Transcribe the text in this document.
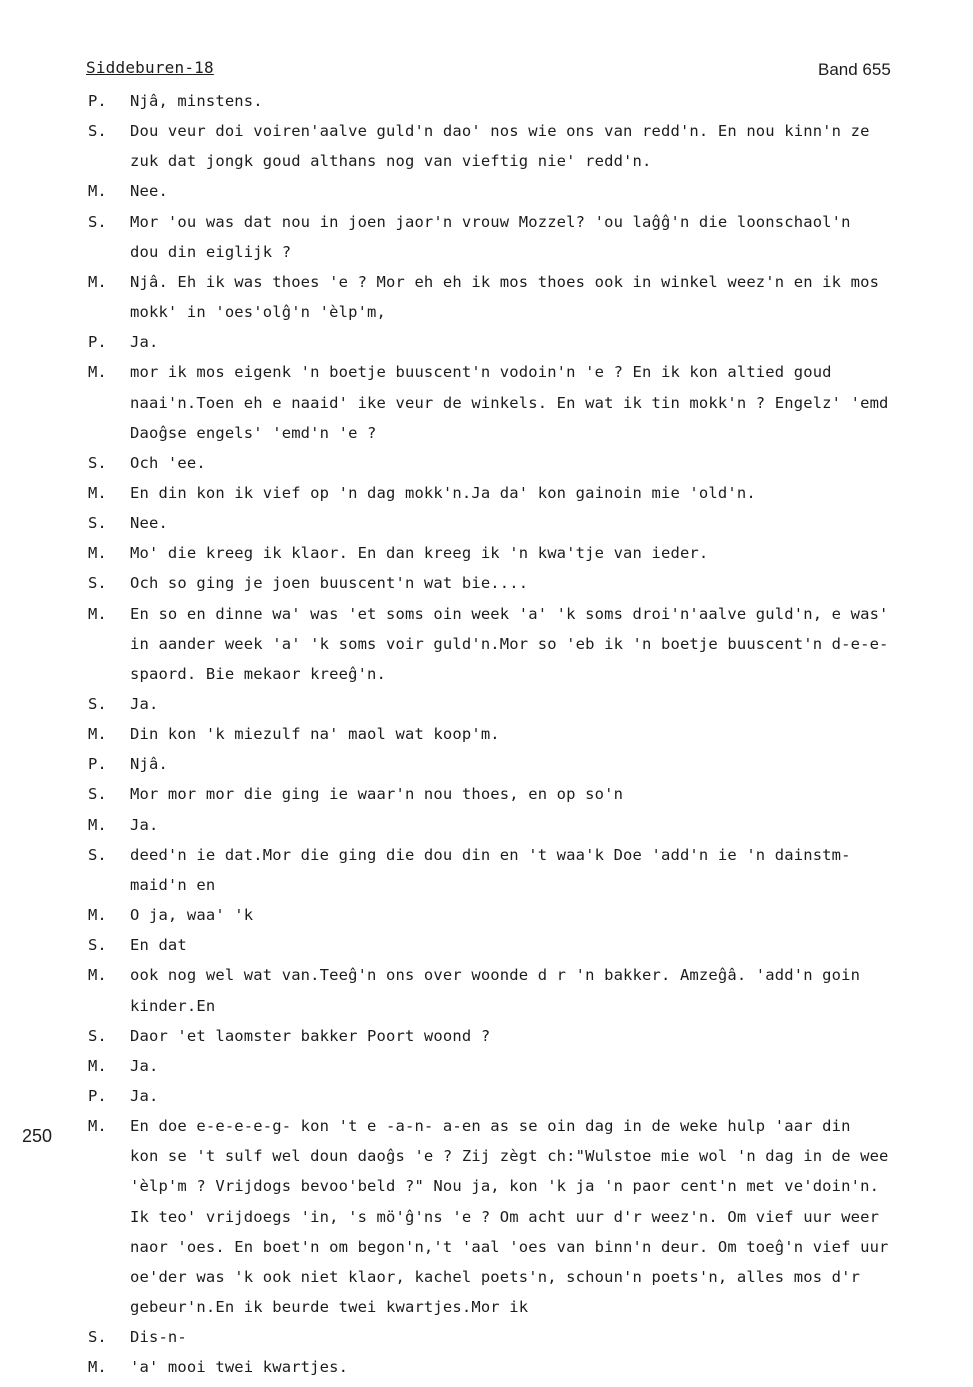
Siddeburen-18	Band 655
250
P. Njâ, minstens.
S. Dou veur doi voiren'aalve guld'n dao' nos wie ons van redd'n. En nou kinn'n ze
zuk dat jongk goud althans nog van vieftig nie' redd'n.
M. Nee.
S. Mor 'ou was dat nou in joen jaor'n vrouw Mozzel? 'ou laĝĝ'n die loonschaol'n
dou din eiglijk ?
M. Njâ. Eh ik was thoes 'e ? Mor eh eh ik mos thoes ook in winkel weez'n en ik mos
mokk' in 'oes'olĝ'n 'èlp'm,
P. Ja.
M. mor ik mos eigenk 'n boetje buuscent'n vodoin'n 'e ? En ik kon altied goud
naai'n.Toen eh e naaid' ike veur de winkels. En wat ik tin mokk'n ? Engelz' 'emd
Daoĝse engels' 'emd'n 'e ?
S. Och 'ee.
M. En din kon ik vief op 'n dag mokk'n.Ja da' kon gainoin mie 'old'n.
S. Nee.
M. Mo' die kreeg ik klaor. En dan kreeg ik 'n kwa'tje van ieder.
S. Och so ging je joen buuscent'n wat bie....
M. En so en dinne wa' was 'et soms oin week 'a' 'k soms droi'n'aalve guld'n, e was'
in aander week 'a' 'k soms voir guld'n.Mor so 'eb ik 'n boetje buuscent'n d-e-e-
spaord. Bie mekaor kreeĝ'n.
S. Ja.
M. Din kon 'k miezulf na' maol wat koop'm.
P. Njâ.
S. Mor mor mor die ging ie waar'n nou thoes, en op so'n
M. Ja.
S. deed'n ie dat.Mor die ging die dou din en 't waa'k Doe 'add'n ie 'n dainstm-
maid'n en
M. O ja, waa' 'k
S. En dat
M. ook nog wel wat van.Teeĝ'n ons over woonde d r 'n bakker. Amzeĝâ. 'add'n goin
kinder.En
S. Daor 'et laomster bakker Poort woond ?
M. Ja.
P. Ja.
M. En doe e-e-e-e-g- kon 't e -a-n- a-en as se oin dag in de weke hulp 'aar din
kon se 't sulf wel doun daoĝs 'e ? Zij zègt ch:"Wulstoe mie wol 'n dag in de wee
'èlp'm ? Vrijdogs bevoo'beld ?" Nou ja, kon 'k ja 'n paor cent'n met ve'doin'n.
Ik teo' vrijdoegs 'in, 's mö'ĝ'ns 'e ? Om acht uur d'r weez'n. Om vief uur weer
naor 'oes. En boet'n om begon'n,'t 'aal 'oes van binn'n deur. Om toeĝ'n vief uur
oe'der was 'k ook niet klaor, kachel poets'n, schoun'n poets'n, alles mos d'r
gebeur'n.En ik beurde twei kwartjes.Mor ik
S. Dis-n-
M. 'a' mooi twei kwartjes.
